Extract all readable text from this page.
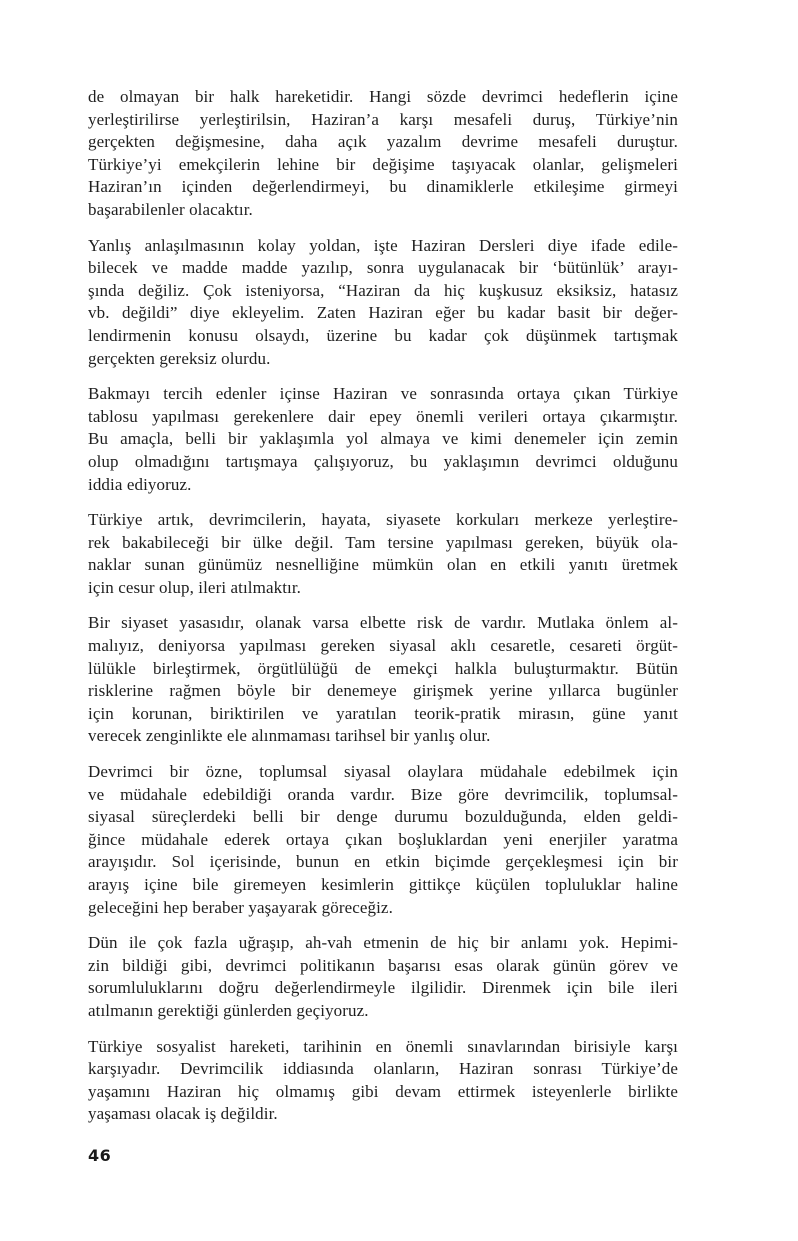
de olmayan bir halk hareketidir. Hangi sözde devrimci hedeflerin içine
yerleştirilirse yerleştirilsin, Haziran’a karşı mesafeli duruş, Türkiye’nin
gerçekten değişmesine, daha açık yazalım devrime mesafeli duruştur.
Türkiye’yi emekçilerin lehine bir değişime taşıyacak olanlar, gelişmeleri
Haziran’ın içinden değerlendirmeyi, bu dinamiklerle etkileşime girmeyi
başarabilenler olacaktır.
Yanlış anlaşılmasının kolay yoldan, işte Haziran Dersleri diye ifade edile-
bilecek ve madde madde yazılıp, sonra uygulanacak bir ‘bütünlük’ arayı-
şında değiliz. Çok isteniyorsa, “Haziran da hiç kuşkusuz eksiksiz, hatasız
vb. değildi” diye ekleyelim. Zaten Haziran eğer bu kadar basit bir değer-
lendirmenin konusu olsaydı, üzerine bu kadar çok düşünmek tartışmak
gerçekten gereksiz olurdu.
Bakmayı tercih edenler içinse Haziran ve sonrasında ortaya çıkan Türkiye
tablosu yapılması gerekenlere dair epey önemli verileri ortaya çıkarmıştır.
Bu amaçla, belli bir yaklaşımla yol almaya ve kimi denemeler için zemin
olup olmadığını tartışmaya çalışıyoruz, bu yaklaşımın devrimci olduğunu
iddia ediyoruz.
Türkiye artık, devrimcilerin, hayata, siyasete korkuları merkeze yerleştire-
rek bakabileceği bir ülke değil. Tam tersine yapılması gereken, büyük ola-
naklar sunan günümüz nesnelliğine mümkün olan en etkili yanıtı üretmek
için cesur olup, ileri atılmaktır.
Bir siyaset yasasıdır, olanak varsa elbette risk de vardır. Mutlaka önlem al-
malıyız, deniyorsa yapılması gereken siyasal aklı cesaretle, cesareti örgüt-
lülükle birleştirmek, örgütlülüğü de emekçi halkla buluşturmaktır. Bütün
risklerine rağmen böyle bir denemeye girişmek yerine yıllarca bugünler
için korunan, biriktirilen ve yaratılan teorik-pratik mirasın, güne yanıt
verecek zenginlikte ele alınmaması tarihsel bir yanlış olur.
Devrimci bir özne, toplumsal siyasal olaylara müdahale edebilmek için
ve müdahale edebildiği oranda vardır. Bize göre devrimcilik, toplumsal-
siyasal süreçlerdeki belli bir denge durumu bozulduğunda, elden geldi-
ğince müdahale ederek ortaya çıkan boşluklardan yeni enerjiler yaratma
arayışıdır. Sol içerisinde, bunun en etkin biçimde gerçekleşmesi için bir
arayış içine bile giremeyen kesimlerin gittikçe küçülen topluluklar haline
geleceğini hep beraber yaşayarak göreceğiz.
Dün ile çok fazla uğraşıp, ah-vah etmenin de hiç bir anlamı yok. Hepimi-
zin bildiği gibi, devrimci politikanın başarısı esas olarak günün görev ve
sorumluluklarını doğru değerlendirmeyle ilgilidir. Direnmek için bile ileri
atılmanın gerektiği günlerden geçiyoruz.
Türkiye sosyalist hareketi, tarihinin en önemli sınavlarından birisiyle karşı
karşıyadır. Devrimcilik iddiasında olanların, Haziran sonrası Türkiye’de
yaşamını Haziran hiç olmamış gibi devam ettirmek isteyenlerle birlikte
yaşaması olacak iş değildir.
46
